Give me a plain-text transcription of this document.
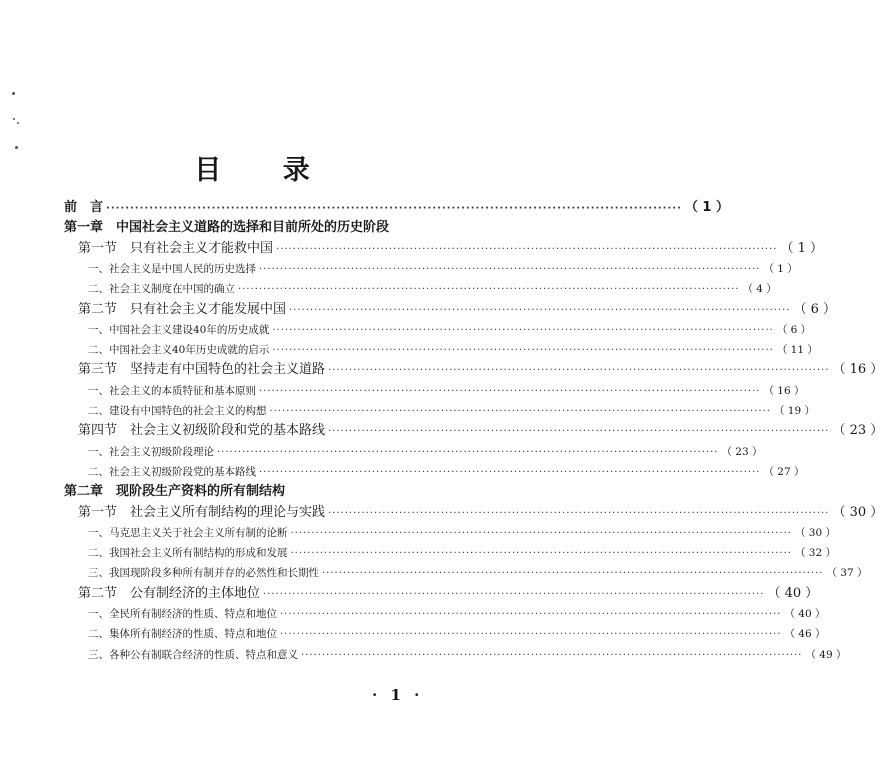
目 录
前　言 ························································································································ （ 1 ）
第一章　中国社会主义道路的选择和目前所处的历史阶段
第一节　只有社会主义才能救中国 ························································································································ （ 1 ）
一、社会主义是中国人民的历史选择 ························································································································ （ 1 ）
二、社会主义制度在中国的确立 ························································································································ （ 4 ）
第二节　只有社会主义才能发展中国 ························································································································ （ 6 ）
一、中国社会主义建设40年的历史成就 ························································································································ （ 6 ）
二、中国社会主义40年历史成就的启示 ························································································································ （ 11 ）
第三节　坚持走有中国特色的社会主义道路 ························································································································ （ 16 ）
一、社会主义的本质特征和基本原则 ························································································································ （ 16 ）
二、建设有中国特色的社会主义的构想 ························································································································ （ 19 ）
第四节　社会主义初级阶段和党的基本路线 ························································································································ （ 23 ）
一、社会主义初级阶段理论 ························································································································ （ 23 ）
二、社会主义初级阶段党的基本路线 ························································································································ （ 27 ）
第二章　现阶段生产资料的所有制结构
第一节　社会主义所有制结构的理论与实践 ························································································································ （ 30 ）
一、马克思主义关于社会主义所有制的论断 ························································································································ （ 30 ）
二、我国社会主义所有制结构的形成和发展 ························································································································ （ 32 ）
三、我国现阶段多种所有制并存的必然性和长期性 ························································································································ （ 37 ）
第二节　公有制经济的主体地位 ························································································································ （ 40 ）
一、全民所有制经济的性质、特点和地位 ························································································································ （ 40 ）
二、集体所有制经济的性质、特点和地位 ························································································································ （ 46 ）
三、各种公有制联合经济的性质、特点和意义 ························································································································ （ 49 ）
· 1 ·
